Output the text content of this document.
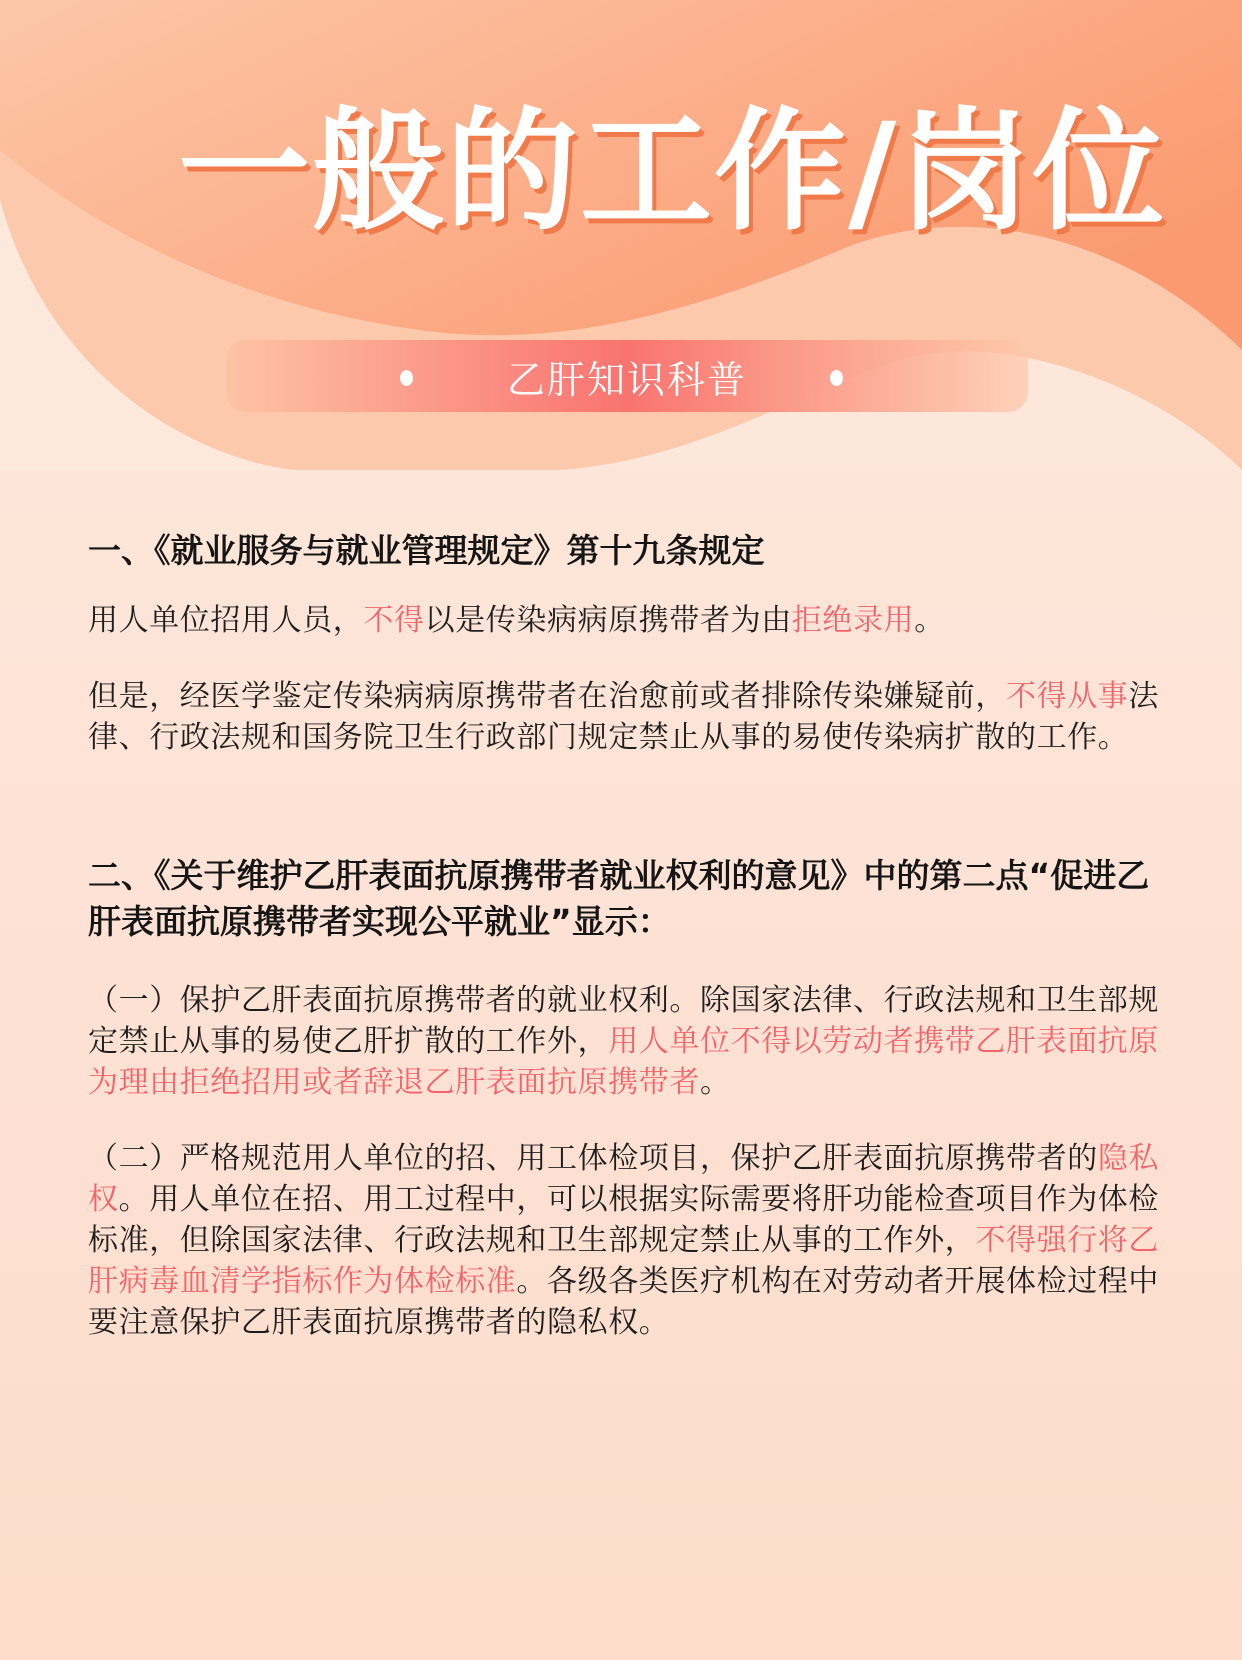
一般的工作/岗位
乙肝知识科普
一、《就业服务与就业管理规定》第十九条规定

用人单位招用人员，不得以是传染病病原携带者为由拒绝录用。

但是，经医学鉴定传染病病原携带者在治愈前或者排除传染嫌疑前，不得从事法律、行政法规和国务院卫生行政部门规定禁止从事的易使传染病扩散的工作。

二、《关于维护乙肝表面抗原携带者就业权利的意见》中的第二点“促进乙肝表面抗原携带者实现公平就业”显示：

（一）保护乙肝表面抗原携带者的就业权利。除国家法律、行政法规和卫生部规定禁止从事的易使乙肝扩散的工作外，用人单位不得以劳动者携带乙肝表面抗原为理由拒绝招用或者辞退乙肝表面抗原携带者。

（二）严格规范用人单位的招、用工体检项目，保护乙肝表面抗原携带者的隐私权。用人单位在招、用工过程中，可以根据实际需要将肝功能检查项目作为体检标准，但除国家法律、行政法规和卫生部规定禁止从事的工作外，不得强行将乙肝病毒血清学指标作为体检标准。各级各类医疗机构在对劳动者开展体检过程中要注意保护乙肝表面抗原携带者的隐私权。
